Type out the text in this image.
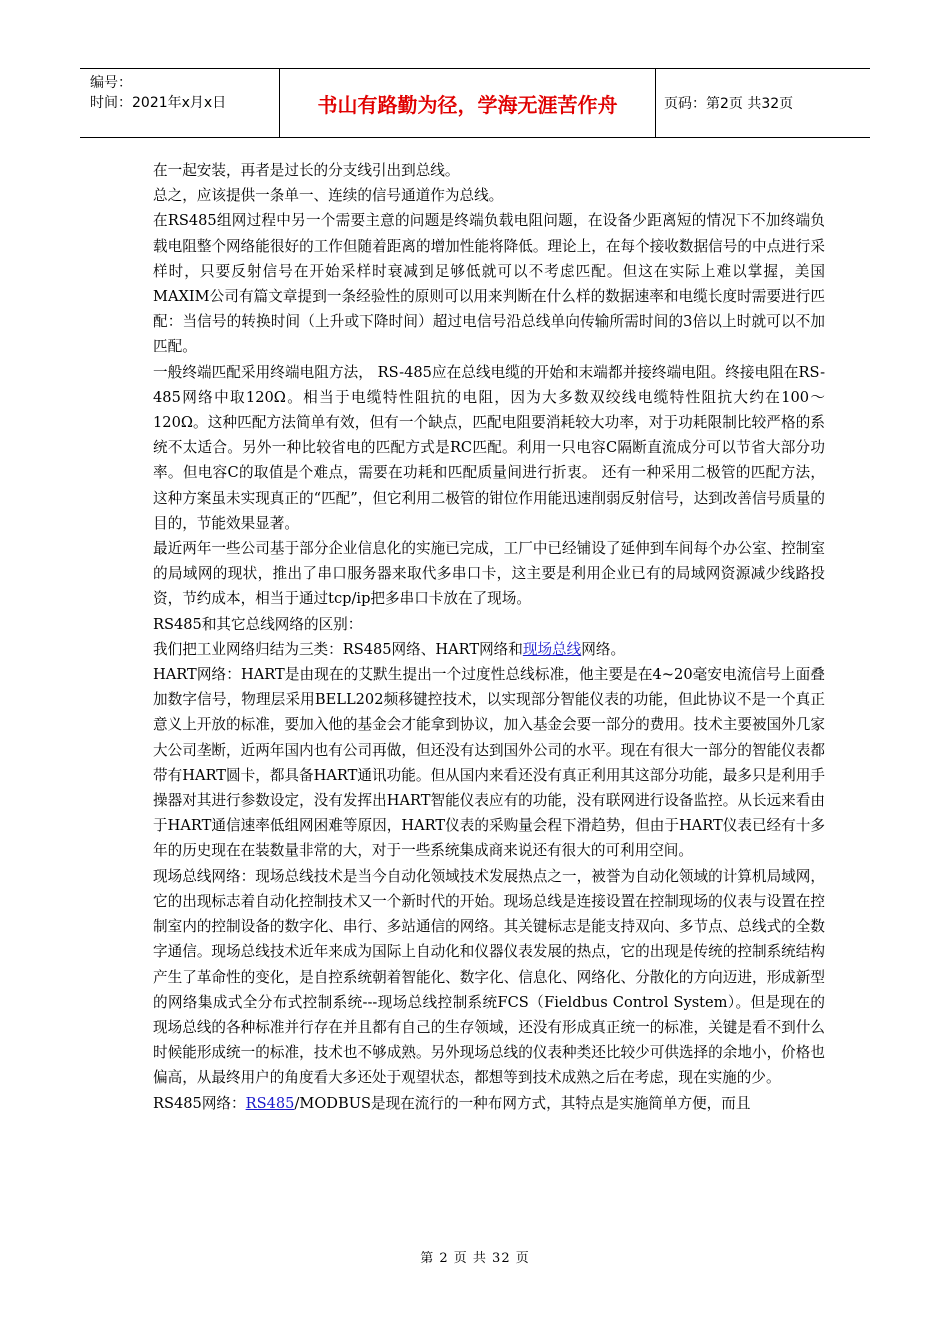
编号：
时间：2021年x月x日	书山有路勤为径，学海无涯苦作舟	页码：第2页 共32页

在一起安装，再者是过长的分支线引出到总线。

总之，应该提供一条单一、连续的信号通道作为总线。

在RS485组网过程中另一个需要主意的问题是终端负载电阻问题，在设备少距离短的情况下不加终端负载电阻整个网络能很好的工作但随着距离的增加性能将降低。理论上，在每个接收数据信号的中点进行采样时，只要反射信号在开始采样时衰减到足够低就可以不考虑匹配。但这在实际上难以掌握，美国MAXIM公司有篇文章提到一条经验性的原则可以用来判断在什么样的数据速率和电缆长度时需要进行匹配：当信号的转换时间（上升或下降时间）超过电信号沿总线单向传输所需时间的3倍以上时就可以不加匹配。

一般终端匹配采用终端电阻方法， RS-485应在总线电缆的开始和末端都并接终端电阻。终接电阻在RS-485网络中取120Ω。相当于电缆特性阻抗的电阻，因为大多数双绞线电缆特性阻抗大约在100～120Ω。这种匹配方法简单有效，但有一个缺点，匹配电阻要消耗较大功率，对于功耗限制比较严格的系统不太适合。另外一种比较省电的匹配方式是RC匹配。利用一只电容C隔断直流成分可以节省大部分功率。但电容C的取值是个难点，需要在功耗和匹配质量间进行折衷。 还有一种采用二极管的匹配方法，这种方案虽未实现真正的“匹配”，但它利用二极管的钳位作用能迅速削弱反射信号，达到改善信号质量的目的，节能效果显著。

最近两年一些公司基于部分企业信息化的实施已完成，工厂中已经铺设了延伸到车间每个办公室、控制室的局域网的现状，推出了串口服务器来取代多串口卡，这主要是利用企业已有的局域网资源减少线路投资，节约成本，相当于通过tcp/ip把多串口卡放在了现场。

RS485和其它总线网络的区别：

我们把工业网络归结为三类：RS485网络、HART网络和现场总线网络。

HART网络：HART是由现在的艾默生提出一个过度性总线标准，他主要是在4~20毫安电流信号上面叠加数字信号，物理层采用BELL202频移键控技术，以实现部分智能仪表的功能，但此协议不是一个真正意义上开放的标准，要加入他的基金会才能拿到协议，加入基金会要一部分的费用。技术主要被国外几家大公司垄断，近两年国内也有公司再做，但还没有达到国外公司的水平。现在有很大一部分的智能仪表都带有HART圆卡，都具备HART通讯功能。但从国内来看还没有真正利用其这部分功能，最多只是利用手操器对其进行参数设定，没有发挥出HART智能仪表应有的功能，没有联网进行设备监控。从长远来看由于HART通信速率低组网困难等原因，HART仪表的采购量会程下滑趋势，但由于HART仪表已经有十多年的历史现在在装数量非常的大，对于一些系统集成商来说还有很大的可利用空间。

现场总线网络：现场总线技术是当今自动化领域技术发展热点之一，被誉为自动化领域的计算机局域网，它的出现标志着自动化控制技术又一个新时代的开始。现场总线是连接设置在控制现场的仪表与设置在控制室内的控制设备的数字化、串行、多站通信的网络。其关键标志是能支持双向、多节点、总线式的全数字通信。现场总线技术近年来成为国际上自动化和仪器仪表发展的热点，它的出现是传统的控制系统结构产生了革命性的变化，是自控系统朝着智能化、数字化、信息化、网络化、分散化的方向迈进，形成新型的网络集成式全分布式控制系统---现场总线控制系统FCS（Fieldbus Control System）。但是现在的现场总线的各种标准并行存在并且都有自己的生存领域，还没有形成真正统一的标准，关键是看不到什么时候能形成统一的标准，技术也不够成熟。另外现场总线的仪表种类还比较少可供选择的余地小，价格也偏高，从最终用户的角度看大多还处于观望状态，都想等到技术成熟之后在考虑，现在实施的少。

RS485网络：RS485/MODBUS是现在流行的一种布网方式，其特点是实施简单方便，而且

第 2 页 共 32 页
